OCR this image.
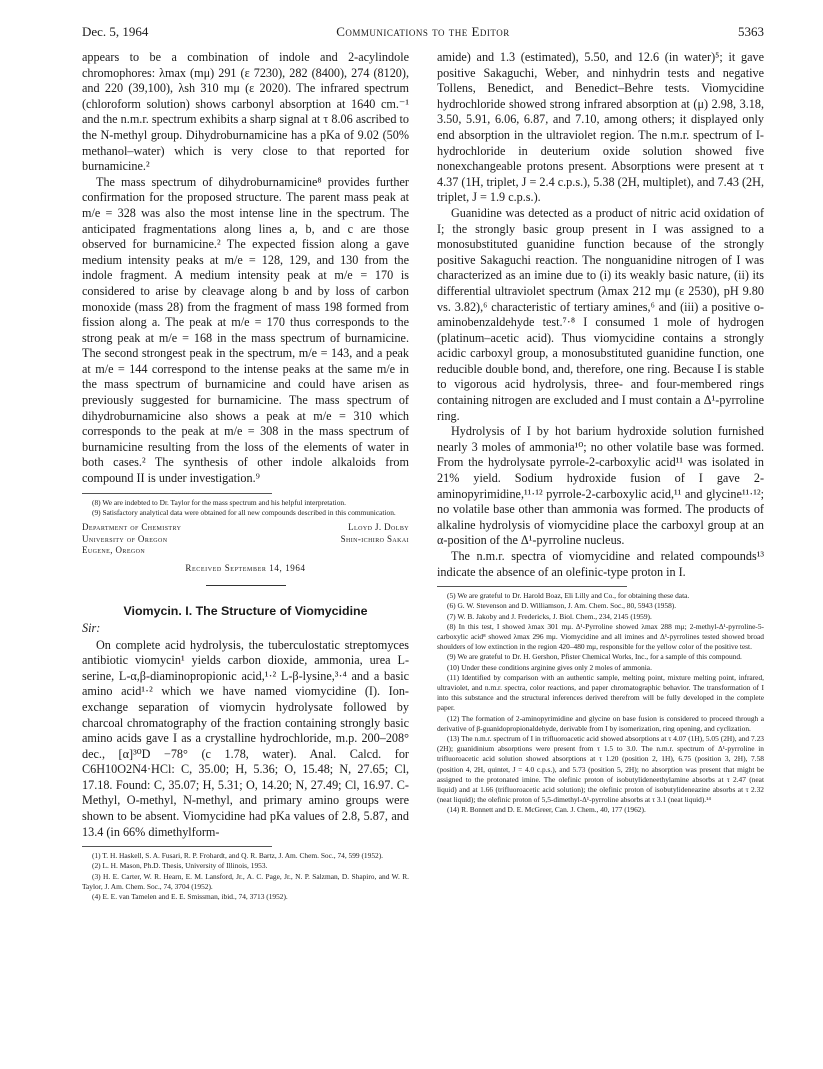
Dec. 5, 1964	Communications to the Editor	5363

appears to be a combination of indole and 2-acylindole chromophores: λmax (mμ) 291 (ε 7230), 282 (8400), 274 (8120), and 220 (39,100), λsh 310 mμ (ε 2020). The infrared spectrum (chloroform solution) shows carbonyl absorption at 1640 cm.⁻¹ and the n.m.r. spectrum exhibits a sharp signal at τ 8.06 ascribed to the N-methyl group. Dihydroburnamicine has a pKa of 9.02 (50% methanol–water) which is very close to that reported for burnamicine.²

The mass spectrum of dihydroburnamicine⁸ provides further confirmation for the proposed structure. The parent mass peak at m/e = 328 was also the most intense line in the spectrum. The anticipated fragmentations along lines a, b, and c are those observed for burnamicine.² The expected fission along a gave medium intensity peaks at m/e = 128, 129, and 130 from the indole fragment. A medium intensity peak at m/e = 170 is considered to arise by cleavage along b and by loss of carbon monoxide (mass 28) from the fragment of mass 198 formed from fission along a. The peak at m/e = 170 thus corresponds to the strong peak at m/e = 168 in the mass spectrum of burnamicine. The second strongest peak in the spectrum, m/e = 143, and a peak at m/e = 144 correspond to the intense peaks at the same m/e in the mass spectrum of burnamicine and could have arisen as previously suggested for burnamicine. The mass spectrum of dihydroburnamicine also shows a peak at m/e = 310 which corresponds to the peak at m/e = 308 in the mass spectrum of burnamicine resulting from the loss of the elements of water in both cases.² The synthesis of other indole alkaloids from compound II is under investigation.⁹

(8) We are indebted to Dr. Taylor for the mass spectrum and his helpful interpretation.

(9) Satisfactory analytical data were obtained for all new compounds described in this communication.

Department of Chemistry
University of Oregon
Eugene, Oregon
Lloyd J. Dolby
Shin-ichiro Sakai
Received September 14, 1964
Viomycin. I. The Structure of Viomycidine
Sir:

On complete acid hydrolysis, the tuberculostatic streptomyces antibiotic viomycin¹ yields carbon dioxide, ammonia, urea L-serine, L-α,β-diaminopropionic acid,¹·² L-β-lysine,³·⁴ and a basic amino acid¹·² which we have named viomycidine (I). Ion-exchange separation of viomycin hydrolysate followed by charcoal chromatography of the fraction containing strongly basic amino acids gave I as a crystalline hydrochloride, m.p. 200–208° dec., [α]³⁰D −78° (c 1.78, water). Anal. Calcd. for C6H10O2N4·HCl: C, 35.00; H, 5.36; O, 15.48; N, 27.65; Cl, 17.18. Found: C, 35.07; H, 5.31; O, 14.20; N, 27.49; Cl, 16.97. C-Methyl, O-methyl, N-methyl, and primary amino groups were shown to be absent. Viomycidine had pKa values of 2.8, 5.87, and 13.4 (in 66% dimethylform-

(1) T. H. Haskell, S. A. Fusari, R. P. Frohardt, and Q. R. Bartz, J. Am. Chem. Soc., 74, 599 (1952).

(2) L. H. Mason, Ph.D. Thesis, University of Illinois, 1953.

(3) H. E. Carter, W. R. Hearn, E. M. Lansford, Jr., A. C. Page, Jr., N. P. Salzman, D. Shapiro, and W. R. Taylor, J. Am. Chem. Soc., 74, 3704 (1952).

(4) E. E. van Tamelen and E. E. Smissman, ibid., 74, 3713 (1952).

amide) and 1.3 (estimated), 5.50, and 12.6 (in water)⁵; it gave positive Sakaguchi, Weber, and ninhydrin tests and negative Tollens, Benedict, and Benedict–Behre tests. Viomycidine hydrochloride showed strong infrared absorption at (μ) 2.98, 3.18, 3.50, 5.91, 6.06, 6.87, and 7.10, among others; it displayed only end absorption in the ultraviolet region. The n.m.r. spectrum of I-hydrochloride in deuterium oxide solution showed five nonexchangeable protons present. Absorptions were present at τ 4.37 (1H, triplet, J = 2.4 c.p.s.), 5.38 (2H, multiplet), and 7.43 (2H, triplet, J = 1.9 c.p.s.).

Guanidine was detected as a product of nitric acid oxidation of I; the strongly basic group present in I was assigned to a monosubstituted guanidine function because of the strongly positive Sakaguchi reaction. The nonguanidine nitrogen of I was characterized as an imine due to (i) its weakly basic nature, (ii) its differential ultraviolet spectrum (λmax 212 mμ (ε 2530), pH 9.80 vs. 3.82),⁶ characteristic of tertiary amines,⁶ and (iii) a positive o-aminobenzaldehyde test.⁷·⁸ I consumed 1 mole of hydrogen (platinum–acetic acid). Thus viomycidine contains a strongly acidic carboxyl group, a monosubstituted guanidine function, one reducible double bond, and, therefore, one ring. Because I is stable to vigorous acid hydrolysis, three- and four-membered rings containing nitrogen are excluded and I must contain a Δ¹-pyrroline ring.

Hydrolysis of I by hot barium hydroxide solution furnished nearly 3 moles of ammonia¹⁰; no other volatile base was formed. From the hydrolysate pyrrole-2-carboxylic acid¹¹ was isolated in 21% yield. Sodium hydroxide fusion of I gave 2-aminopyrimidine,¹¹·¹² pyrrole-2-carboxylic acid,¹¹ and glycine¹¹·¹²; no volatile base other than ammonia was formed. The products of alkaline hydrolysis of viomycidine place the carboxyl group at an α-position of the Δ¹-pyrroline nucleus.

The n.m.r. spectra of viomycidine and related compounds¹³ indicate the absence of an olefinic-type proton in I.

(5) We are grateful to Dr. Harold Boaz, Eli Lilly and Co., for obtaining these data.

(6) G. W. Stevenson and D. Williamson, J. Am. Chem. Soc., 80, 5943 (1958).

(7) W. B. Jakoby and J. Fredericks, J. Biol. Chem., 234, 2145 (1959).

(8) In this test, I showed λmax 301 mμ. Δ¹-Pyrroline showed λmax 288 mμ; 2-methyl-Δ¹-pyrroline-5-carboxylic acid⁸ showed λmax 296 mμ. Viomycidine and all imines and Δ¹-pyrrolines tested showed broad shoulders of low extinction in the region 420–480 mμ, responsible for the yellow color of the positive test.

(9) We are grateful to Dr. H. Gershon, Pfister Chemical Works, Inc., for a sample of this compound.

(10) Under these conditions arginine gives only 2 moles of ammonia.

(11) Identified by comparison with an authentic sample, melting point, mixture melting point, infrared, ultraviolet, and n.m.r. spectra, color reactions, and paper chromatographic behavior. The transformation of I into this substance and the structural inferences derived therefrom will be fully developed in the complete paper.

(12) The formation of 2-aminopyrimidine and glycine on base fusion is considered to proceed through a derivative of β-guanidopropionaldehyde, derivable from I by isomerization, ring opening, and cyclization.

(13) The n.m.r. spectrum of I in trifluoroacetic acid showed absorptions at τ 4.07 (1H), 5.05 (2H), and 7.23 (2H); guanidinium absorptions were present from τ 1.5 to 3.0. The n.m.r. spectrum of Δ¹-pyrroline in trifluoroacetic acid solution showed absorptions at τ 1.20 (position 2, 1H), 6.75 (position 3, 2H), 7.58 (position 4, 2H, quintet, J = 4.0 c.p.s.), and 5.73 (position 5, 2H); no absorption was present that might be assigned to the protonated imine. The olefinic proton of isobutylideneethylamine absorbs at τ 2.47 (neat liquid) and at 1.66 (trifluoroacetic acid solution); the olefinic proton of isobutylideneazine absorbs at τ 2.32 (neat liquid); the olefinic proton of 5,5-dimethyl-Δ¹-pyrroline absorbs at τ 3.1 (neat liquid).¹⁴

(14) R. Bonnett and D. E. McGreer, Can. J. Chem., 40, 177 (1962).
